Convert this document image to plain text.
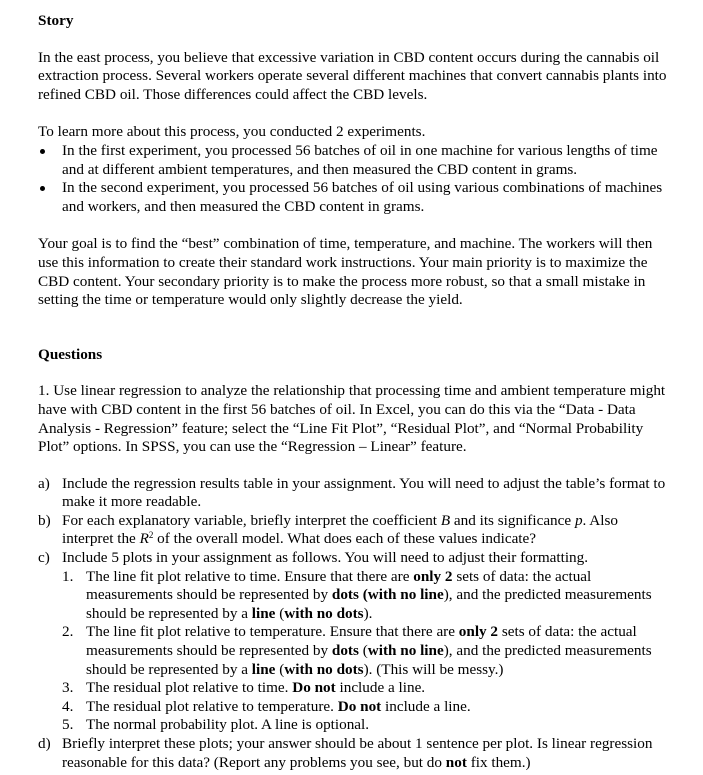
Story

In the east process, you believe that excessive variation in CBD content occurs during the cannabis oil extraction process. Several workers operate several different machines that convert cannabis plants into refined CBD oil. Those differences could affect the CBD levels.

To learn more about this process, you conducted 2 experiments.

In the first experiment, you processed 56 batches of oil in one machine for various lengths of time and at different ambient temperatures, and then measured the CBD content in grams.
In the second experiment, you processed 56 batches of oil using various combinations of machines and workers, and then measured the CBD content in grams.

Your goal is to find the “best” combination of time, temperature, and machine. The workers will then use this information to create their standard work instructions. Your main priority is to maximize the CBD content. Your secondary priority is to make the process more robust, so that a small mistake in setting the time or temperature would only slightly decrease the yield.

Questions

1. Use linear regression to analyze the relationship that processing time and ambient temperature might have with CBD content in the first 56 batches of oil. In Excel, you can do this via the “Data - Data Analysis - Regression” feature; select the “Line Fit Plot”, “Residual Plot”, and “Normal Probability Plot” options. In SPSS, you can use the “Regression – Linear” feature.

a) Include the regression results table in your assignment. You will need to adjust the table’s format to make it more readable.
b) For each explanatory variable, briefly interpret the coefficient B and its significance p. Also interpret the $R^2$ of the overall model. What does each of these values indicate?
c) Include 5 plots in your assignment as follows. You will need to adjust their formatting.
1. The line fit plot relative to time. Ensure that there are only 2 sets of data: the actual measurements should be represented by dots (with no line), and the predicted measurements should be represented by a line (with no dots).
2. The line fit plot relative to temperature. Ensure that there are only 2 sets of data: the actual measurements should be represented by dots (with no line), and the predicted measurements should be represented by a line (with no dots). (This will be messy.)
3. The residual plot relative to time. Do not include a line.
4. The residual plot relative to temperature. Do not include a line.
5. The normal probability plot. A line is optional.
d) Briefly interpret these plots; your answer should be about 1 sentence per plot. Is linear regression reasonable for this data? (Report any problems you see, but do not fix them.)
